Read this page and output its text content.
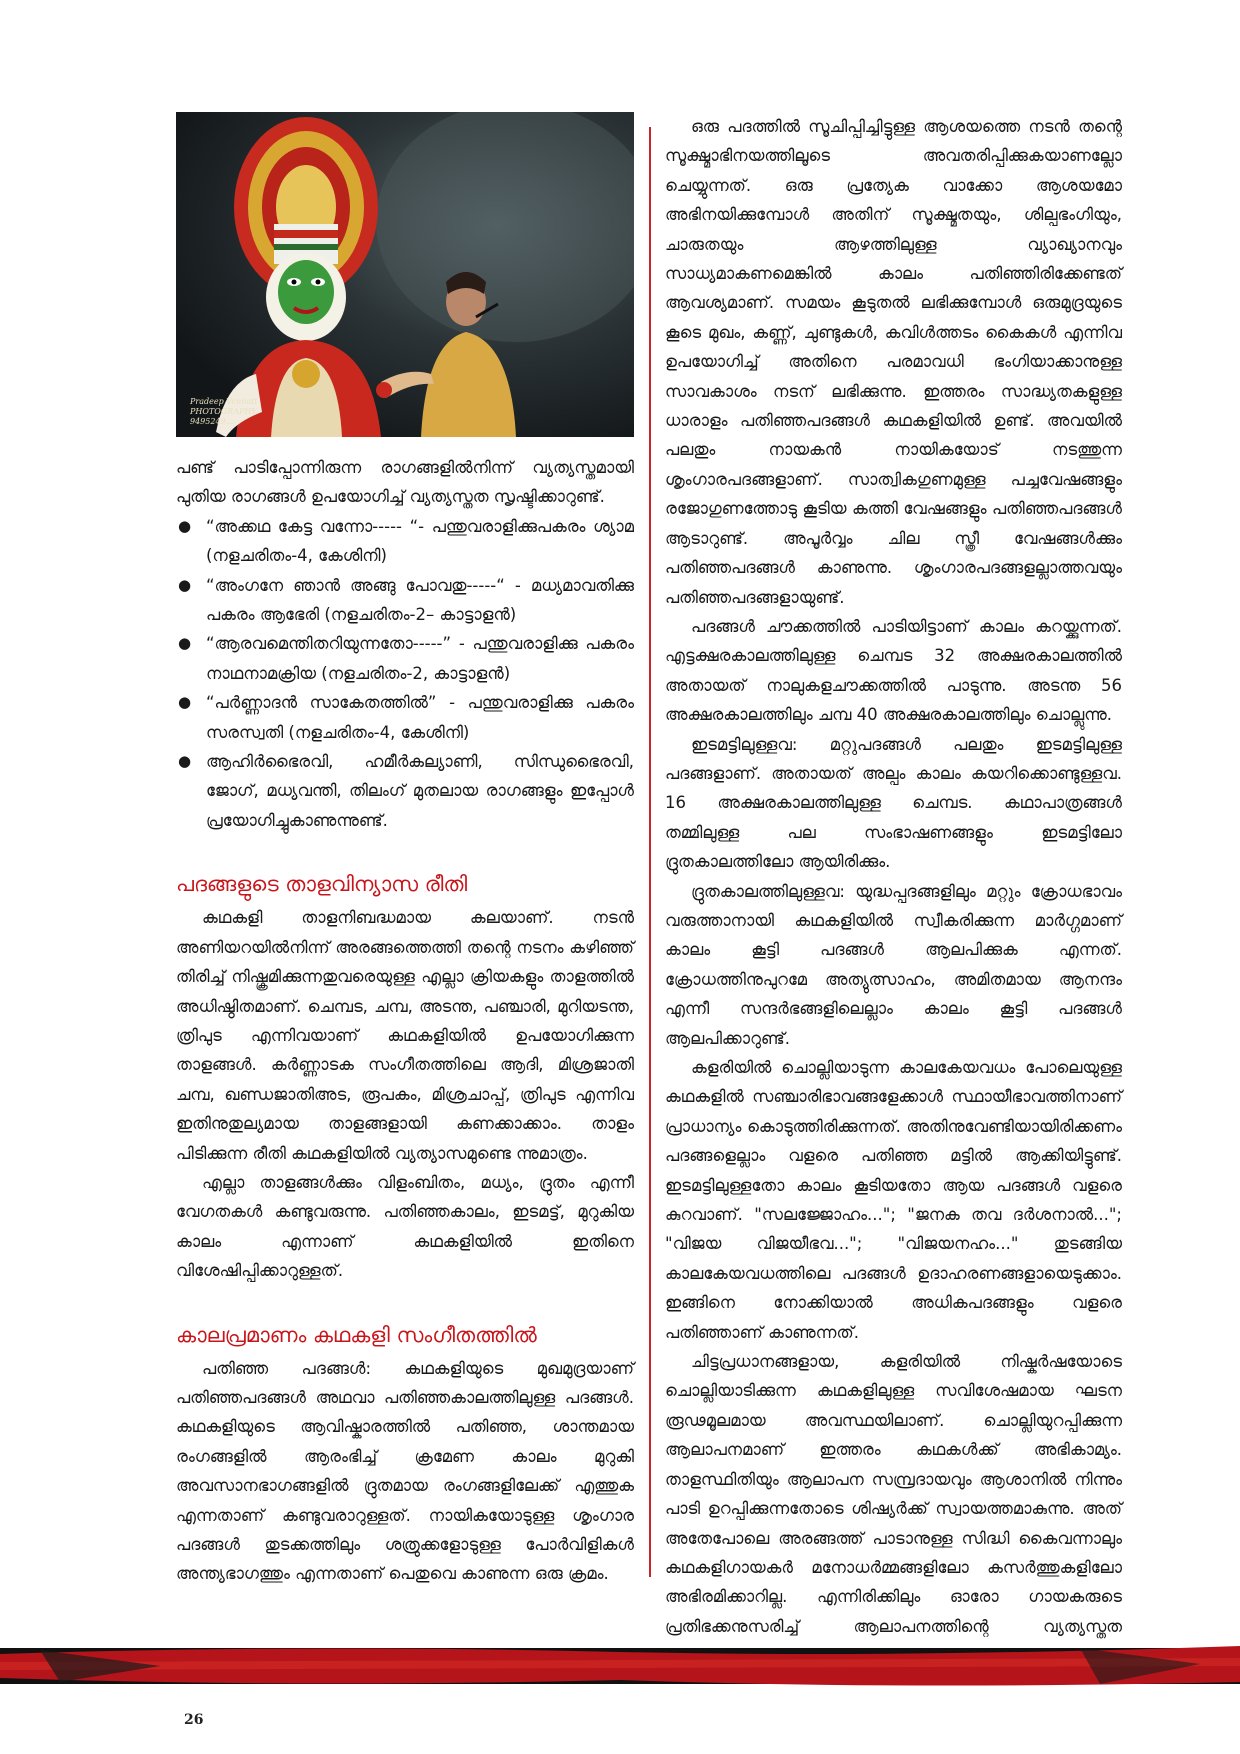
Pradeep Vennatt
PHOTOGRAPHY
9495249...

പണ്ട് പാടിപ്പോന്നിരുന്ന രാഗങ്ങളിൽനിന്ന് വ്യത്യസ്തമായി പുതിയ രാഗങ്ങൾ ഉപയോഗിച്ച് വ്യത്യസ്തത സൃഷ്ടിക്കാറുണ്ട്.

● “അക്കഥ കേട്ട വന്നോ----- “- പന്തുവരാളിക്കുപകരം ശ്യാമ (നളചരിതം-4, കേശിനി)
● “അംഗനേ ഞാൻ അങ്ങു പോവതു-----“ - മധ്യമാവതിക്കു പകരം ആഭേരി (നളചരിതം-2– കാട്ടാളൻ)
● “ആരവമെന്തിതറിയുന്നതോ-----” - പന്തുവരാളിക്കു പകരം നാഥനാമക്രിയ (നളചരിതം-2, കാട്ടാളൻ)
● “പർണ്ണാദൻ സാകേതത്തിൽ” - പന്തുവരാളിക്കു പകരം സരസ്വതി (നളചരിതം-4, കേശിനി)
● ആഹിർഭൈരവി, ഹമീർകല്യാണി, സിന്ധുഭൈരവി, ജോഗ്, മധ്യവന്തി, തിലംഗ് മുതലായ രാഗങ്ങളും ഇപ്പോൾ പ്രയോഗിച്ചുകാണുന്നുണ്ട്.
പദങ്ങളുടെ താളവിന്യാസ രീതി

കഥകളി താളനിബദ്ധമായ കലയാണ്. നടൻ അണിയറയിൽനിന്ന് അരങ്ങത്തെത്തി തന്റെ നടനം കഴിഞ്ഞ് തിരിച്ച് നിഷ്ക്രമിക്കുന്നതുവരെയുള്ള എല്ലാ ക്രിയകളും താളത്തിൽ അധിഷ്ഠിതമാണ്. ചെമ്പട, ചമ്പ, അടന്ത, പഞ്ചാരി, മുറിയടന്ത, ത്രിപുട എന്നിവയാണ് കഥകളിയിൽ ഉപയോഗിക്കുന്ന താളങ്ങൾ. കർണ്ണാടക സംഗീതത്തിലെ ആദി, മിശ്രജാതി ചമ്പ, ഖണ്ഡജാതിഅട, രൂപകം, മിശ്രചാപ്പ്, ത്രിപുട എന്നിവ ഇതിനുതുല്യമായ താളങ്ങളായി കണക്കാക്കാം. താളം പിടിക്കുന്ന രീതി കഥകളിയിൽ വ്യത്യാസമുണ്ടെ ന്നുമാത്രം.

എല്ലാ താളങ്ങൾക്കും വിളംബിതം, മധ്യം, ദ്രുതം എന്നീ വേഗതകൾ കണ്ടുവരുന്നു. പതിഞ്ഞകാലം, ഇടമട്ട്, മുറുകിയ കാലം എന്നാണ് കഥകളിയിൽ ഇതിനെ വിശേഷിപ്പിക്കാറുള്ളത്.

കാലപ്രമാണം കഥകളി സംഗീതത്തിൽ

പതിഞ്ഞ പദങ്ങൾ: കഥകളിയുടെ മുഖമുദ്രയാണ് പതിഞ്ഞപദങ്ങൾ അഥവാ പതിഞ്ഞകാലത്തിലുള്ള പദങ്ങൾ. കഥകളിയുടെ ആവിഷ്കാരത്തിൽ പതിഞ്ഞ, ശാന്തമായ രംഗങ്ങളിൽ ആരംഭിച്ച് ക്രമേണ കാലം മുറുകി അവസാനഭാഗങ്ങളിൽ ദ്രുതമായ രംഗങ്ങളിലേക്ക് എത്തുക എന്നതാണ് കണ്ടുവരാറുള്ളത്. നായികയോടുള്ള ശൃംഗാര പദങ്ങൾ തുടക്കത്തിലും ശത്രുക്കളോടുള്ള പോർവിളികൾ അന്ത്യഭാഗത്തും എന്നതാണ് പെതുവെ കാണുന്ന ഒരു ക്രമം.

ഒരു പദത്തിൽ സൂചിപ്പിച്ചിട്ടുള്ള ആശയത്തെ നടൻ തന്റെ സൂക്ഷ്മാഭിനയത്തിലൂടെ അവതരിപ്പിക്കുകയാണല്ലോ ചെയ്യുന്നത്. ഒരു പ്രത്യേക വാക്കോ ആശയമോ അഭിനയിക്കുമ്പോൾ അതിന് സൂക്ഷ്മതയും, ശില്പഭംഗിയും, ചാരുതയും ആഴത്തിലുള്ള വ്യാഖ്യാനവും സാധ്യമാകണമെങ്കിൽ കാലം പതിഞ്ഞിരിക്കേണ്ടത് ആവശ്യമാണ്. സമയം കൂടുതൽ ലഭിക്കുമ്പോൾ ഒരുമുദ്രയുടെ കൂടെ മുഖം, കണ്ണ്, ചുണ്ടുകൾ, കവിൾത്തടം കൈകൾ എന്നിവ ഉപയോഗിച്ച് അതിനെ പരമാവധി ഭംഗിയാക്കാനുള്ള സാവകാശം നടന് ലഭിക്കുന്നു. ഇത്തരം സാദ്ധ്യതകളുള്ള ധാരാളം പതിഞ്ഞപദങ്ങൾ കഥകളിയിൽ ഉണ്ട്. അവയിൽ പലതും നായകൻ നായികയോട് നടത്തുന്ന ശൃംഗാരപദങ്ങളാണ്. സാത്വികഗുണമുള്ള പച്ചവേഷങ്ങളും രജോഗുണത്തോടു കൂടിയ കത്തി വേഷങ്ങളും പതിഞ്ഞപദങ്ങൾ ആടാറുണ്ട്. അപൂർവ്വം ചില സ്ത്രീ വേഷങ്ങൾക്കും പതിഞ്ഞപദങ്ങൾ കാണുന്നു. ശൃംഗാരപദങ്ങളല്ലാത്തവയും പതിഞ്ഞപദങ്ങളായുണ്ട്.

പദങ്ങൾ ചൗക്കത്തിൽ പാടിയിട്ടാണ് കാലം കറയ്ക്കുന്നത്. എട്ടക്ഷരകാലത്തിലുള്ള ചെമ്പട 32 അക്ഷരകാലത്തിൽ അതായത് നാലുകളചൗക്കത്തിൽ പാടുന്നു. അടന്ത 56 അക്ഷരകാലത്തിലും ചമ്പ 40 അക്ഷരകാലത്തിലും ചൊല്ലുന്നു.

ഇടമട്ടിലുള്ളവ: മറ്റുപദങ്ങൾ പലതും ഇടമട്ടിലുള്ള പദങ്ങളാണ്. അതായത് അല്പം കാലം കയറിക്കൊണ്ടുള്ളവ. 16 അക്ഷരകാലത്തിലുള്ള ചെമ്പട. കഥാപാത്രങ്ങൾ തമ്മിലുള്ള പല സംഭാഷണങ്ങളും ഇടമട്ടിലോ ദ്രുതകാലത്തിലോ ആയിരിക്കും.

ദ്രുതകാലത്തിലുള്ളവ: യുദ്ധപ്പദങ്ങളിലും മറ്റും ക്രോധഭാവം വരുത്താനായി കഥകളിയിൽ സ്വീകരിക്കുന്ന മാർഗ്ഗമാണ് കാലം കൂട്ടി പദങ്ങൾ ആലപിക്കുക എന്നത്. ക്രോധത്തിനുപുറമേ അത്യുത്സാഹം, അമിതമായ ആനന്ദം എന്നീ സന്ദർഭങ്ങളിലെല്ലാം കാലം കൂട്ടി പദങ്ങൾ ആലപിക്കാറുണ്ട്.

കളരിയിൽ ചൊല്ലിയാടുന്ന കാലകേയവധം പോലെയുള്ള കഥകളിൽ സഞ്ചാരിഭാവങ്ങളേക്കാൾ സ്ഥായീഭാവത്തിനാണ് പ്രാധാന്യം കൊടുത്തിരിക്കുന്നത്. അതിനുവേണ്ടിയായിരിക്കണം പദങ്ങളെല്ലാം വളരെ പതിഞ്ഞ മട്ടിൽ ആക്കിയിട്ടുണ്ട്. ഇടമട്ടിലുള്ളതോ കാലം കൂടിയതോ ആയ പദങ്ങൾ വളരെ കുറവാണ്. "സലജ്ജോഹം..."; "ജനക തവ ദർശനാൽ..."; "വിജയ വിജയീഭവ..."; "വിജയനഹം..." തുടങ്ങിയ കാലകേയവധത്തിലെ പദങ്ങൾ ഉദാഹരണങ്ങളായെടുക്കാം. ഇങ്ങിനെ നോക്കിയാൽ അധികപദങ്ങളും വളരെ പതിഞ്ഞാണ് കാണുന്നത്.

ചിട്ടപ്രധാനങ്ങളായ, കളരിയിൽ നിഷ്കർഷയോടെ ചൊല്ലിയാടിക്കുന്ന കഥകളിലുള്ള സവിശേഷമായ ഘടന രൂഢമൂലമായ അവസ്ഥയിലാണ്. ചൊല്ലിയുറപ്പിക്കുന്ന ആലാപനമാണ് ഇത്തരം കഥകൾക്ക് അഭികാമ്യം. താളസ്ഥിതിയും ആലാപന സമ്പ്രദായവും ആശാനിൽ നിന്നും പാടി ഉറപ്പിക്കുന്നതോടെ ശിഷ്യർക്ക് സ്വായത്തമാകുന്നു. അത് അതേപോലെ അരങ്ങത്ത് പാടാനുള്ള സിദ്ധി കൈവന്നാലും കഥകളിഗായകർ മനോധർമ്മങ്ങളിലോ കസർത്തുകളിലോ അഭിരമിക്കാറില്ല. എന്നിരിക്കിലും ഓരോ ഗായകരുടെ പ്രതിഭക്കനുസരിച്ച് ആലാപനത്തിന്റെ വ്യത്യസ്തത

26
